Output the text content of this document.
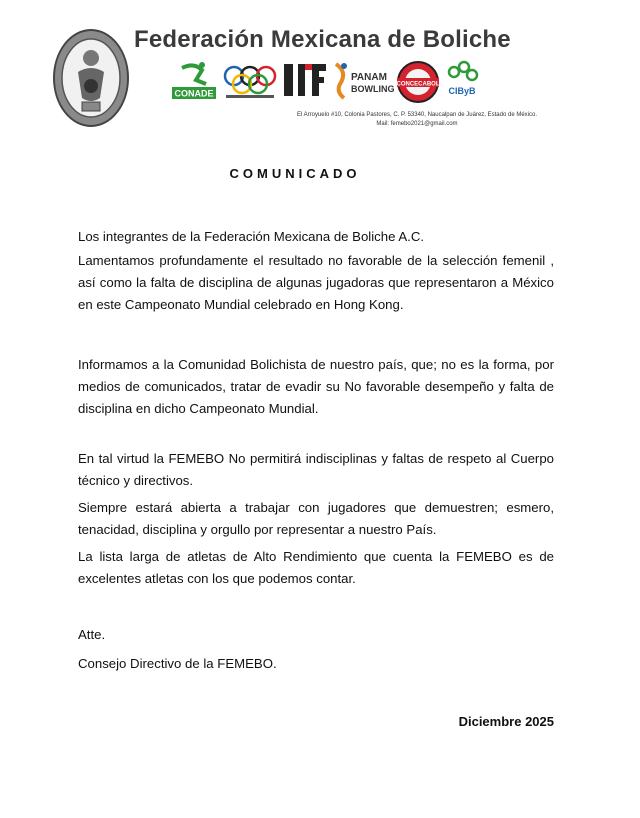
Federación Mexicana de Boliche
CONADE
PANAM
BOWLING CONCECABOL
CIByB
El Arroyuelo #10, Colonia Pastores, C. P. 53340, Naucalpan de Juárez, Estado de México.
Mail: femebo2021@gmail.com
COMUNICADO

Los integrantes de la Federación Mexicana de Boliche A.C.

Lamentamos profundamente el resultado no favorable de la selección femenil , así como la falta de disciplina de algunas jugadoras que representaron a México en este Campeonato Mundial celebrado en Hong Kong.

Informamos a la Comunidad Bolichista de nuestro país, que; no es la forma, por medios de comunicados, tratar de evadir su No favorable desempeño y falta de disciplina en dicho Campeonato Mundial.

En tal virtud la FEMEBO No permitirá indisciplinas y faltas de respeto al Cuerpo técnico y directivos.

Siempre estará abierta a trabajar con jugadores que demuestren; esmero, tenacidad, disciplina y orgullo por representar a nuestro País.

La lista larga de atletas de Alto Rendimiento que cuenta la FEMEBO es de excelentes atletas con los que podemos contar.

Atte.

Consejo Directivo de la FEMEBO.

Diciembre 2025
